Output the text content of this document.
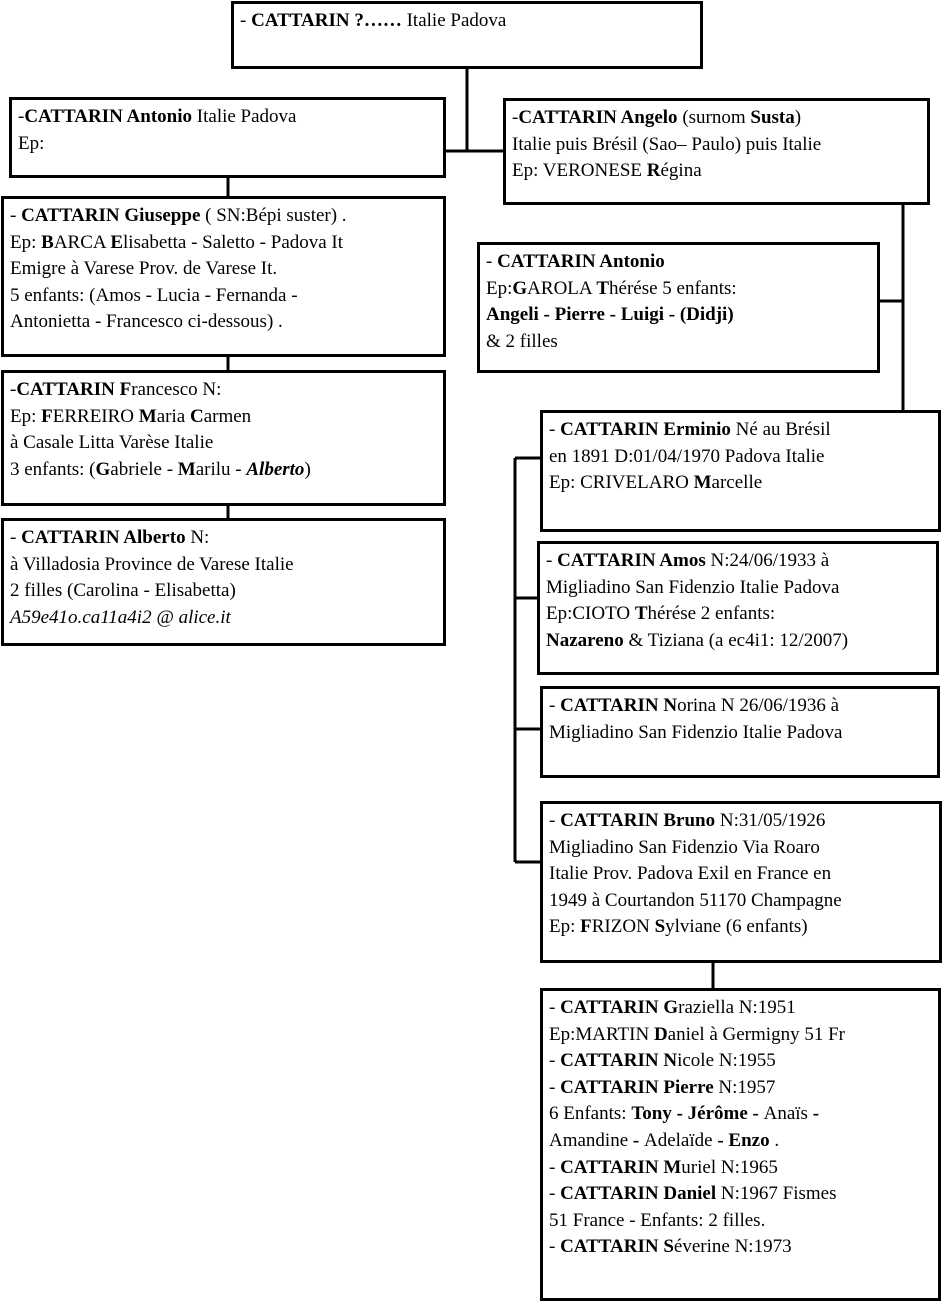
- CATTARIN ?…… Italie Padova
-CATTARIN Antonio Italie Padova
Ep:
-CATTARIN Angelo (surnom Susta)
Italie puis Brésil (Sao– Paulo) puis Italie
Ep: VERONESE Régina
- CATTARIN Giuseppe ( SN:Bépi suster) .
Ep: BARCA Elisabetta - Saletto - Padova It
Emigre à Varese Prov. de Varese It.
5 enfants: (Amos - Lucia - Fernanda -
Antonietta - Francesco ci-dessous) .
- CATTARIN Antonio
Ep:GAROLA Thérése 5 enfants:
Angeli - Pierre - Luigi - (Didji)
& 2 filles
-CATTARIN Francesco N:
Ep: FERREIRO Maria Carmen
à Casale Litta Varèse Italie
3 enfants: (Gabriele - Marilu - Alberto)
- CATTARIN Erminio Né au Brésil
en 1891 D:01/04/1970 Padova Italie
Ep: CRIVELARO Marcelle
- CATTARIN Alberto N:
à Villadosia Province de Varese Italie
2 filles (Carolina - Elisabetta)
A59e41o.ca11a4i2 @ alice.it
- CATTARIN Amos N:24/06/1933 à
Migliadino San Fidenzio Italie Padova
Ep:CIOTO Thérése 2 enfants:
Nazareno & Tiziana (a ec4i1: 12/2007)
- CATTARIN Norina N 26/06/1936 à
Migliadino San Fidenzio Italie Padova
- CATTARIN Bruno N:31/05/1926
Migliadino San Fidenzio Via Roaro
Italie Prov. Padova Exil en France en
1949 à Courtandon 51170 Champagne
Ep: FRIZON Sylviane (6 enfants)
- CATTARIN Graziella N:1951
Ep:MARTIN Daniel à Germigny 51 Fr
- CATTARIN Nicole N:1955
- CATTARIN Pierre N:1957
6 Enfants: Tony - Jérôme - Anaïs -
Amandine - Adelaïde - Enzo .
- CATTARIN Muriel N:1965
- CATTARIN Daniel N:1967 Fismes
51 France - Enfants: 2 filles.
- CATTARIN Séverine N:1973
